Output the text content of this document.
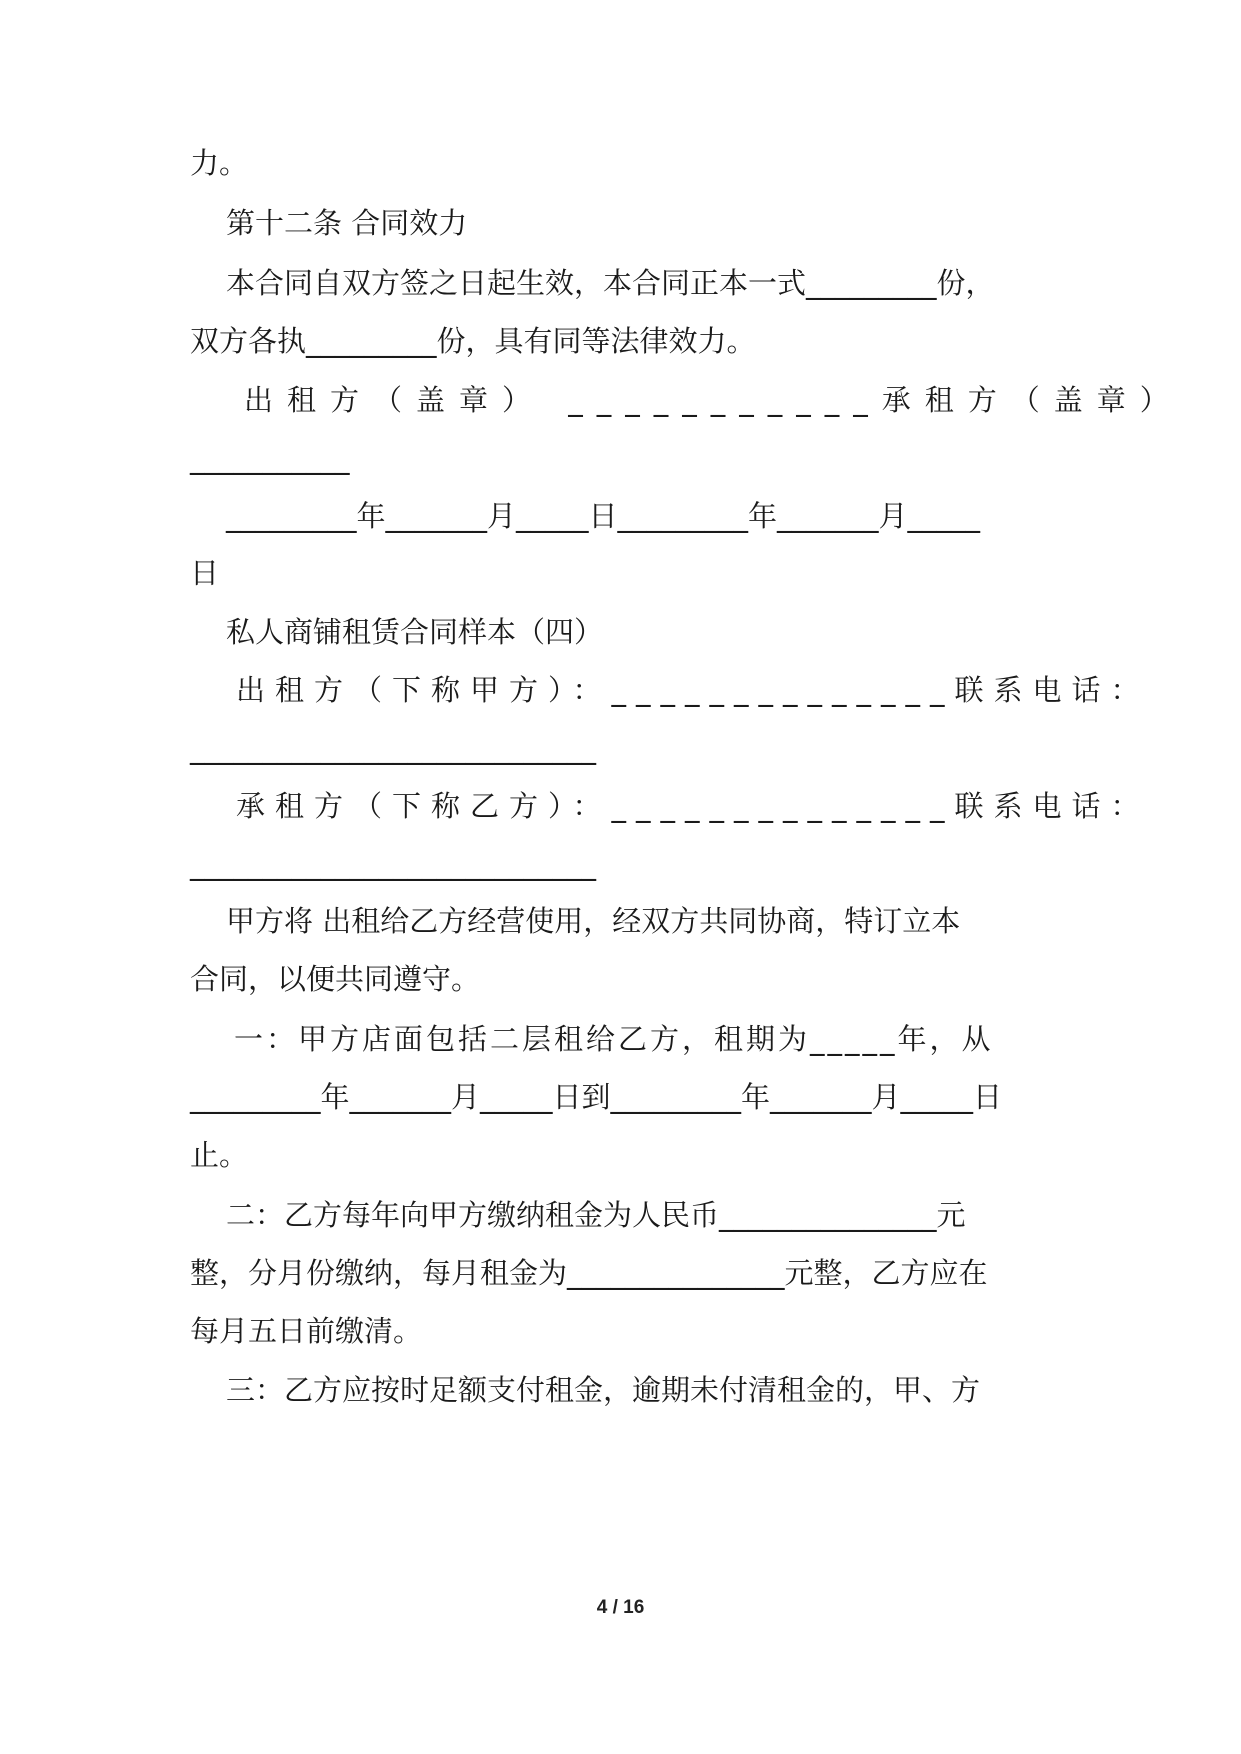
力。
第十二条 合同效力
本合同自双方签之日起生效，本合同正本一式_________份，
双方各执_________份，具有同等法律效力。
出租方（盖章） ___________承租方（盖章）
___________
_________年_______月_____日_________年_______月_____
日
私人商铺租赁合同样本（四）
出租方（下称甲方）：______________联系电话：
____________________________
承租方（下称乙方）：______________联系电话：
____________________________
甲方将 出租给乙方经营使用，经双方共同协商，特订立本
合同，以便共同遵守。
一：甲方店面包括二层租给乙方，租期为_____年，从
_________年_______月_____日到_________年_______月_____日
止。
二：乙方每年向甲方缴纳租金为人民币_______________元
整，分月份缴纳，每月租金为_______________元整，乙方应在
每月五日前缴清。
三：乙方应按时足额支付租金，逾期未付清租金的，甲、方
4 / 16
